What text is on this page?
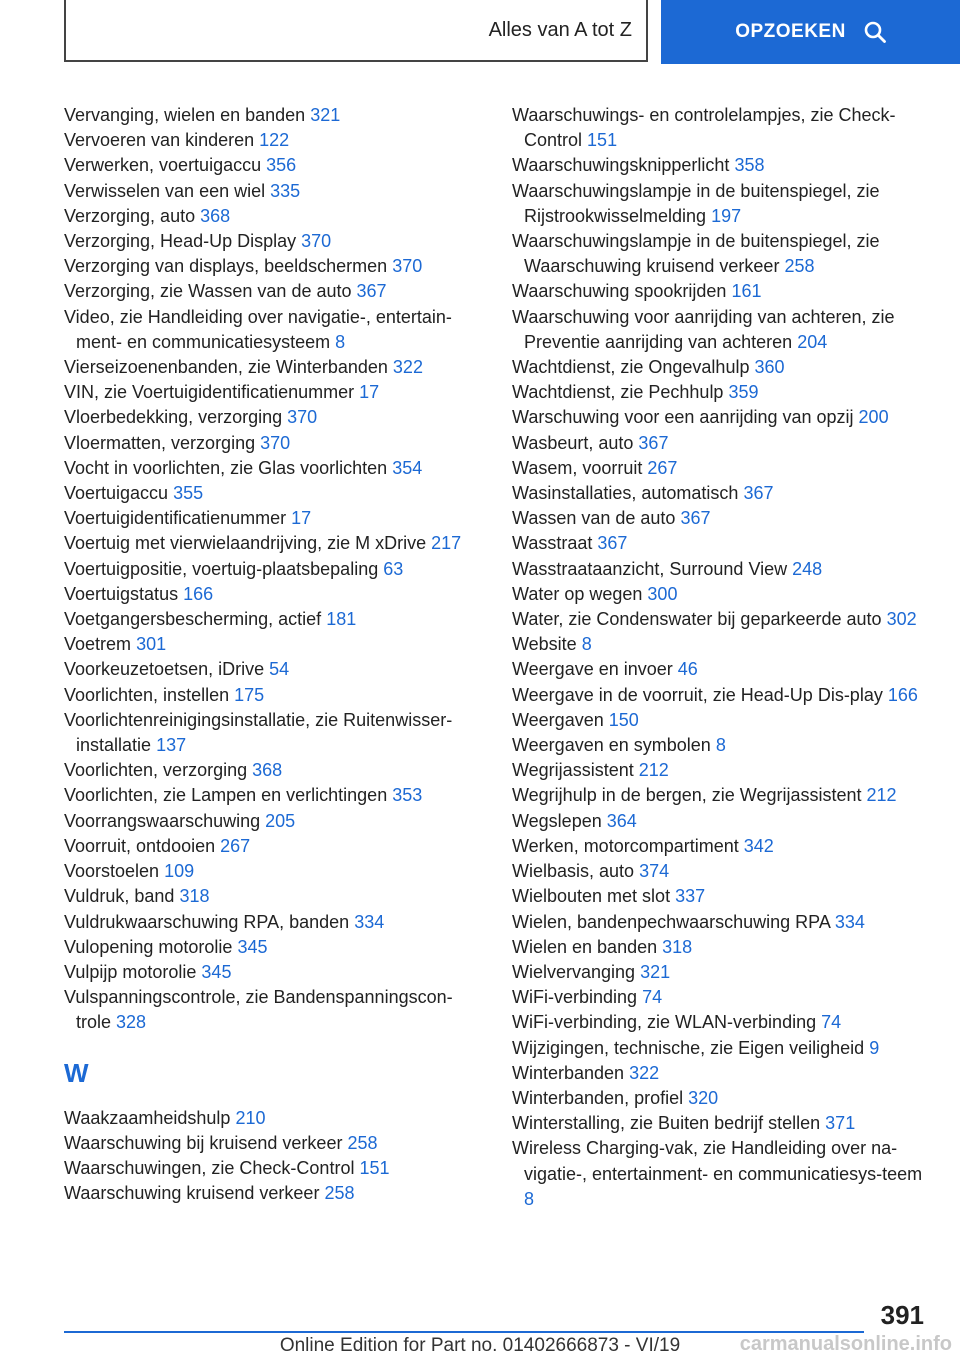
Alles van A tot Z	OPZOEKEN
Vervanging, wielen en banden 321
Vervoeren van kinderen 122
Verwerken, voertuigaccu 356
Verwisselen van een wiel 335
Verzorging, auto 368
Verzorging, Head-Up Display 370
Verzorging van displays, beeldschermen 370
Verzorging, zie Wassen van de auto 367
Video, zie Handleiding over navigatie-, entertain‐ment- en communicatiesysteem 8
Vierseizoenenbanden, zie Winterbanden 322
VIN, zie Voertuigidentificatienummer 17
Vloerbedekking, verzorging 370
Vloermatten, verzorging 370
Vocht in voorlichten, zie Glas voorlichten 354
Voertuigaccu 355
Voertuigidentificatienummer 17
Voertuig met vierwielaandrijving, zie M xDrive 217
Voertuigpositie, voertuig-plaatsbepaling 63
Voertuigstatus 166
Voetgangersbescherming, actief 181
Voetrem 301
Voorkeuzetoetsen, iDrive 54
Voorlichten, instellen 175
Voorlichtenreinigingsinstallatie, zie Ruitenwisser‐installatie 137
Voorlichten, verzorging 368
Voorlichten, zie Lampen en verlichtingen 353
Voorrangswaarschuwing 205
Voorruit, ontdooien 267
Voorstoelen 109
Vuldruk, band 318
Vuldrukwaarschuwing RPA, banden 334
Vulopening motorolie 345
Vulpijp motorolie 345
Vulspanningscontrole, zie Bandenspanningscon‐trole 328
W
Waakzaamheidshulp 210
Waarschuwing bij kruisend verkeer 258
Waarschuwingen, zie Check-Control 151
Waarschuwing kruisend verkeer 258
Waarschuwings- en controlelampjes, zie Check-Control 151
Waarschuwingsknipperlicht 358
Waarschuwingslampje in de buitenspiegel, zie Rijstrookwisselmelding 197
Waarschuwingslampje in de buitenspiegel, zie Waarschuwing kruisend verkeer 258
Waarschuwing spookrijden 161
Waarschuwing voor aanrijding van achteren, zie Preventie aanrijding van achteren 204
Wachtdienst, zie Ongevalhulp 360
Wachtdienst, zie Pechhulp 359
Warschuwing voor een aanrijding van opzij 200
Wasbeurt, auto 367
Wasem, voorruit 267
Wasinstallaties, automatisch 367
Wassen van de auto 367
Wasstraat 367
Wasstraataanzicht, Surround View 248
Water op wegen 300
Water, zie Condenswater bij geparkeerde auto 302
Website 8
Weergave en invoer 46
Weergave in de voorruit, zie Head-Up Dis‐play 166
Weergaven 150
Weergaven en symbolen 8
Wegrijassistent 212
Wegrijhulp in de bergen, zie Wegrijassistent 212
Wegslepen 364
Werken, motorcompartiment 342
Wielbasis, auto 374
Wielbouten met slot 337
Wielen, bandenpechwaarschuwing RPA 334
Wielen en banden 318
Wielvervanging 321
WiFi-verbinding 74
WiFi-verbinding, zie WLAN-verbinding 74
Wijzigingen, technische, zie Eigen veiligheid 9
Winterbanden 322
Winterbanden, profiel 320
Winterstalling, zie Buiten bedrijf stellen 371
Wireless Charging-vak, zie Handleiding over na‐vigatie-, entertainment- en communicatiesys‐teem 8
391
Online Edition for Part no. 01402666873 - VI/19	carmanualsonline.info
